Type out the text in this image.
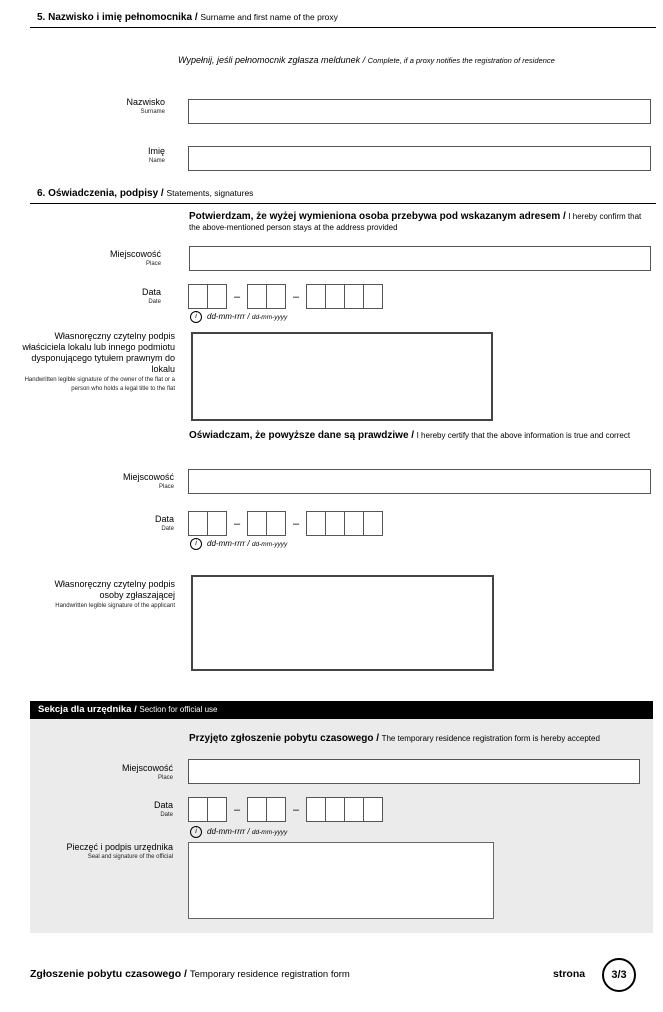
5. Nazwisko i imię pełnomocnika / Surname and first name of the proxy
Wypełnij, jeśli pełnomocnik zgłasza meldunek / Complete, if a proxy notifies the registration of residence
Nazwisko
Surname
Imię
Name
6. Oświadczenia, podpisy / Statements, signatures
Potwierdzam, że wyżej wymieniona osoba przebywa pod wskazanym adresem / I hereby confirm that the above-mentioned person stays at the address provided
Miejscowość
Place
Data
Date	–	–
i dd-mm-rrrr / dd-mm-yyyy
Własnoręczny czytelny podpis właściciela lokalu lub innego podmiotu dysponującego tytułem prawnym do lokalu
Handwritten legible signature of the owner of the flat or a person who holds a legal title to the flat
Oświadczam, że powyższe dane są prawdziwe / I hereby certify that the above information is true and correct
Miejscowość
Place
Data
Date	–	–
i dd-mm-rrrr / dd-mm-yyyy
Własnoręczny czytelny podpis osoby zgłaszającej
Handwritten legible signature of the applicant
Sekcja dla urzędnika / Section for official use
Przyjęto zgłoszenie pobytu czasowego / The temporary residence registration form is hereby accepted
Miejscowość
Place
Data
Date	–	–
i dd-mm-rrrr / dd-mm-yyyy
Pieczęć i podpis urzędnika
Seal and signature of the official
Zgłoszenie pobytu czasowego / Temporary residence registration form	strona	3/3
